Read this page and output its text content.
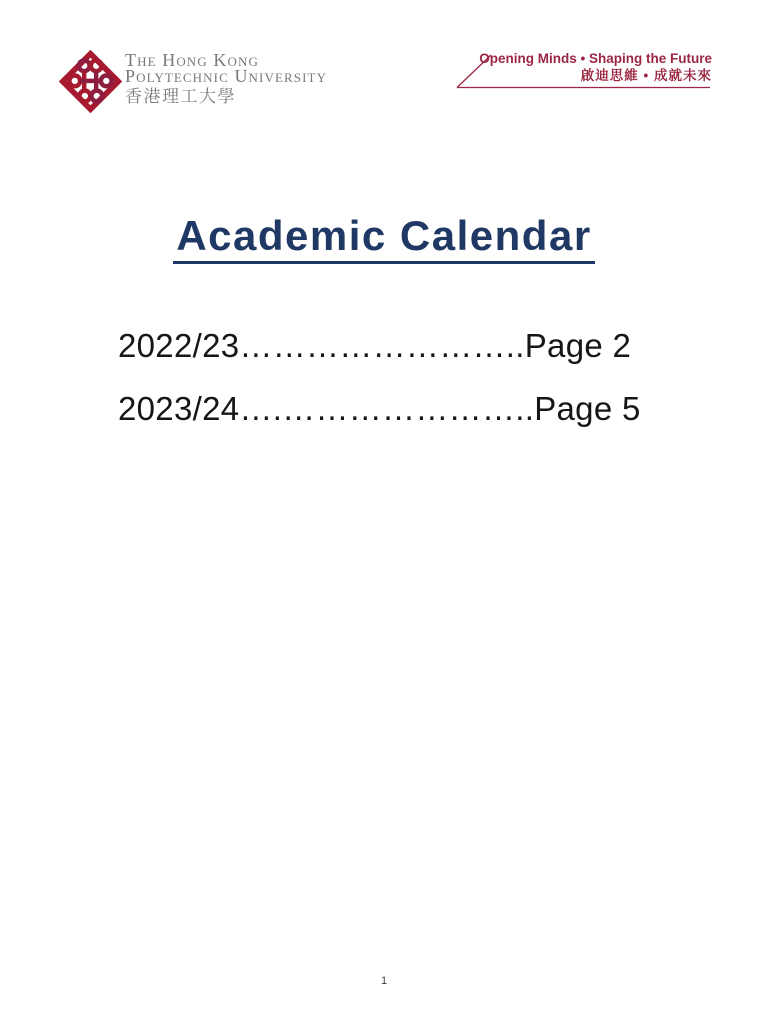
The Hong Kong
Polytechnic University
香港理工大學
Opening Minds • Shaping the Future
啟迪思維 • 成就未來
Academic Calendar
2022/23……………………..Page 2
2023/24….…………………..Page 5
1
